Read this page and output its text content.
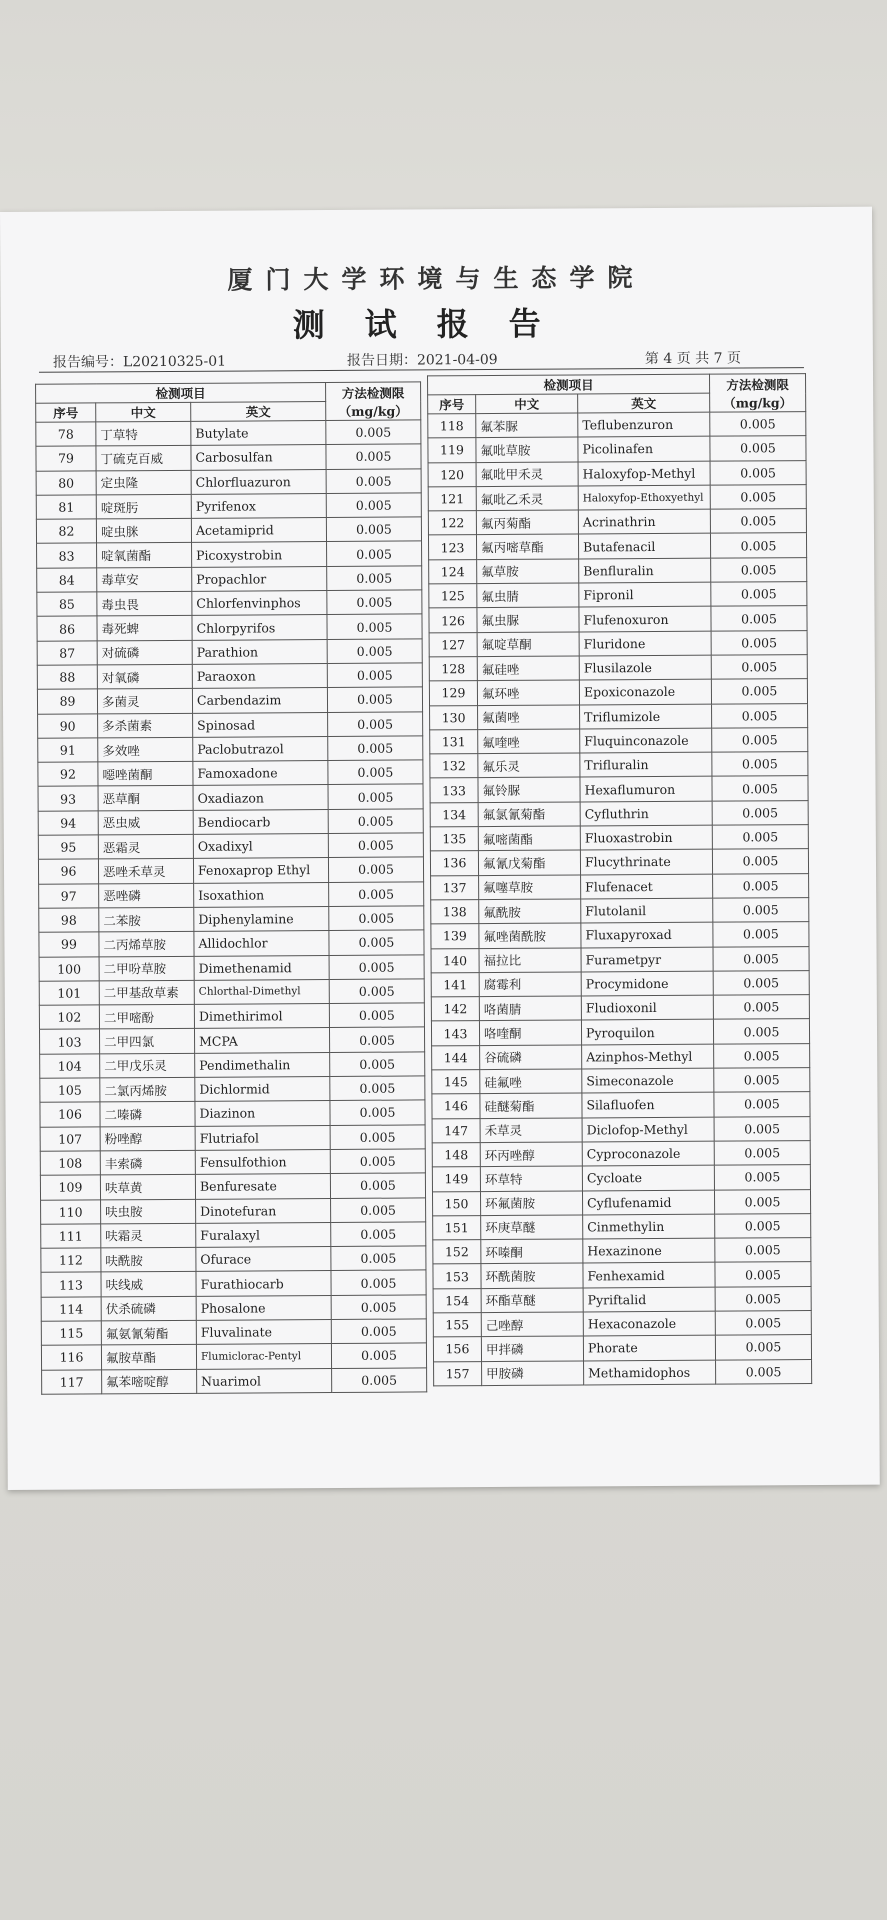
厦门大学环境与生态学院
测试报告
报告编号：L20210325-01	报告日期：2021-04-09	第 4 页 共 7 页
检测项目			方法检测限
（mg/kg）

序号	中文	英文	
78	丁草特	Butylate	0.005
79	丁硫克百威	Carbosulfan	0.005
80	定虫隆	Chlorfluazuron	0.005
81	啶斑肟	Pyrifenox	0.005
82	啶虫脒	Acetamiprid	0.005
83	啶氧菌酯	Picoxystrobin	0.005
84	毒草安	Propachlor	0.005
85	毒虫畏	Chlorfenvinphos	0.005
86	毒死蜱	Chlorpyrifos	0.005
87	对硫磷	Parathion	0.005
88	对氧磷	Paraoxon	0.005
89	多菌灵	Carbendazim	0.005
90	多杀菌素	Spinosad	0.005
91	多效唑	Paclobutrazol	0.005
92	噁唑菌酮	Famoxadone	0.005
93	恶草酮	Oxadiazon	0.005
94	恶虫威	Bendiocarb	0.005
95	恶霜灵	Oxadixyl	0.005
96	恶唑禾草灵	Fenoxaprop Ethyl	0.005
97	恶唑磷	Isoxathion	0.005
98	二苯胺	Diphenylamine	0.005
99	二丙烯草胺	Allidochlor	0.005
100	二甲吩草胺	Dimethenamid	0.005
101	二甲基敌草素	Chlorthal-Dimethyl	0.005
102	二甲嘧酚	Dimethirimol	0.005
103	二甲四氯	MCPA	0.005
104	二甲戊乐灵	Pendimethalin	0.005
105	二氯丙烯胺	Dichlormid	0.005
106	二嗪磷	Diazinon	0.005
107	粉唑醇	Flutriafol	0.005
108	丰索磷	Fensulfothion	0.005
109	呋草黄	Benfuresate	0.005
110	呋虫胺	Dinotefuran	0.005
111	呋霜灵	Furalaxyl	0.005
112	呋酰胺	Ofurace	0.005
113	呋线威	Furathiocarb	0.005
114	伏杀硫磷	Phosalone	0.005
115	氟氨氰菊酯	Fluvalinate	0.005
116	氟胺草酯	Flumiclorac-Pentyl	0.005
117	氟苯嘧啶醇	Nuarimol	0.005
检测项目			方法检测限
（mg/kg）

序号	中文	英文	
118	氟苯脲	Teflubenzuron	0.005
119	氟吡草胺	Picolinafen	0.005
120	氟吡甲禾灵	Haloxyfop-Methyl	0.005
121	氟吡乙禾灵	Haloxyfop-Ethoxyethyl	0.005
122	氟丙菊酯	Acrinathrin	0.005
123	氟丙嘧草酯	Butafenacil	0.005
124	氟草胺	Benfluralin	0.005
125	氟虫腈	Fipronil	0.005
126	氟虫脲	Flufenoxuron	0.005
127	氟啶草酮	Fluridone	0.005
128	氟硅唑	Flusilazole	0.005
129	氟环唑	Epoxiconazole	0.005
130	氟菌唑	Triflumizole	0.005
131	氟喹唑	Fluquinconazole	0.005
132	氟乐灵	Trifluralin	0.005
133	氟铃脲	Hexaflumuron	0.005
134	氟氯氰菊酯	Cyfluthrin	0.005
135	氟嘧菌酯	Fluoxastrobin	0.005
136	氟氰戊菊酯	Flucythrinate	0.005
137	氟噻草胺	Flufenacet	0.005
138	氟酰胺	Flutolanil	0.005
139	氟唑菌酰胺	Fluxapyroxad	0.005
140	福拉比	Furametpyr	0.005
141	腐霉利	Procymidone	0.005
142	咯菌腈	Fludioxonil	0.005
143	咯喹酮	Pyroquilon	0.005
144	谷硫磷	Azinphos-Methyl	0.005
145	硅氟唑	Simeconazole	0.005
146	硅醚菊酯	Silafluofen	0.005
147	禾草灵	Diclofop-Methyl	0.005
148	环丙唑醇	Cyproconazole	0.005
149	环草特	Cycloate	0.005
150	环氟菌胺	Cyflufenamid	0.005
151	环庚草醚	Cinmethylin	0.005
152	环嗪酮	Hexazinone	0.005
153	环酰菌胺	Fenhexamid	0.005
154	环酯草醚	Pyriftalid	0.005
155	己唑醇	Hexaconazole	0.005
156	甲拌磷	Phorate	0.005
157	甲胺磷	Methamidophos	0.005
